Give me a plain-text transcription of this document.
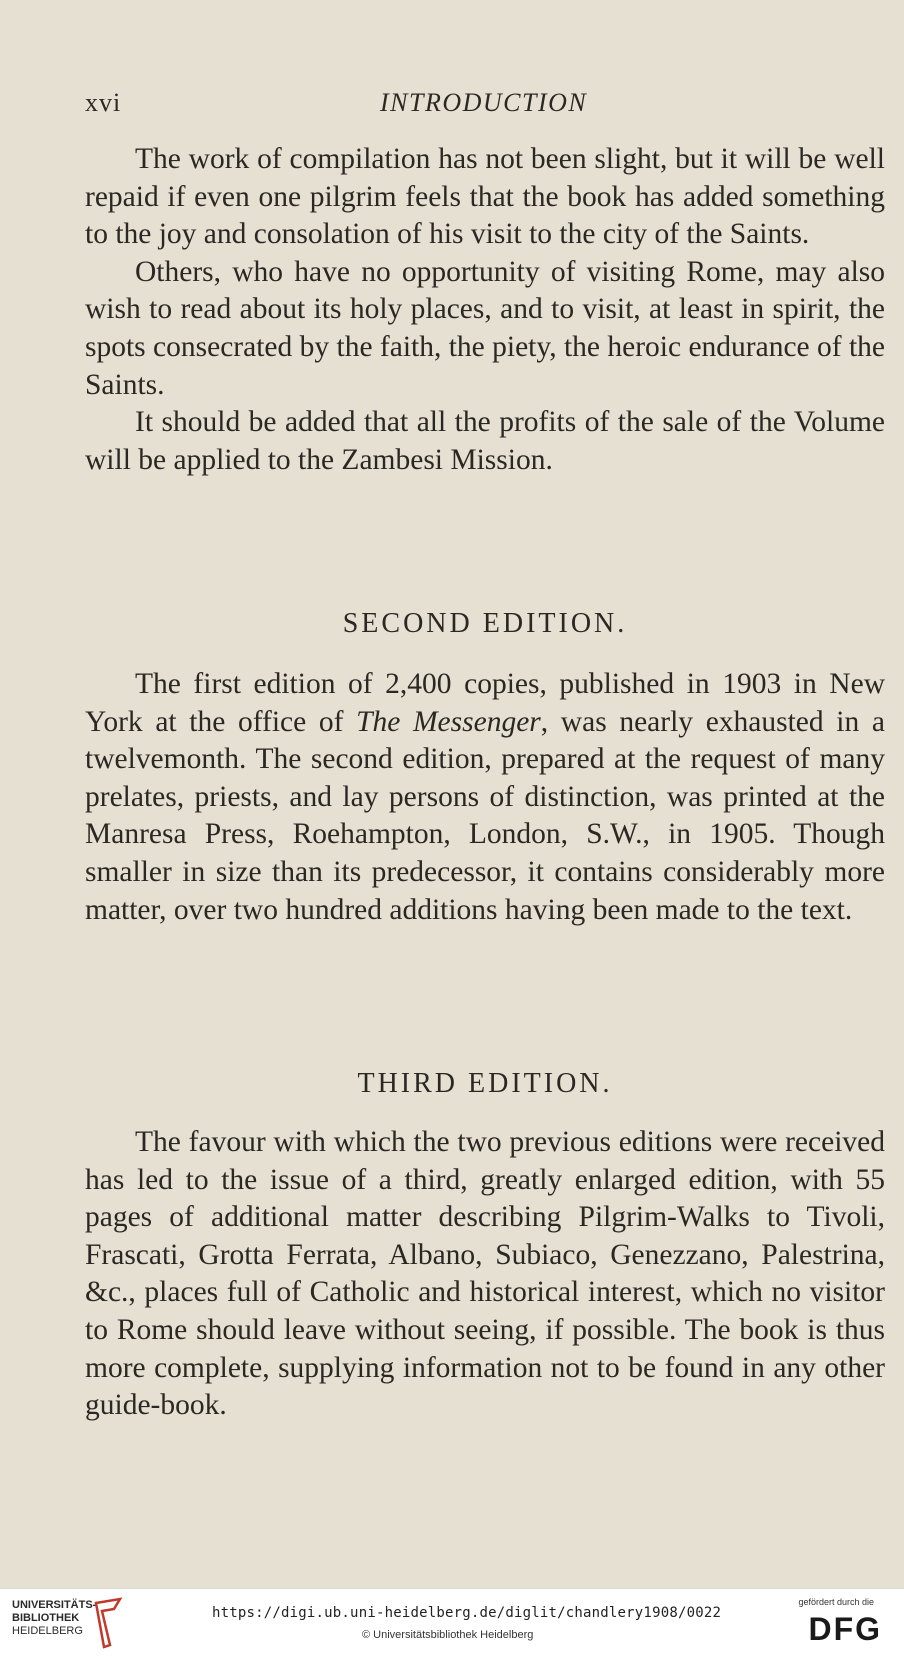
xvi	INTRODUCTION

The work of compilation has not been slight, but it will be well repaid if even one pilgrim feels that the book has added something to the joy and consolation of his visit to the city of the Saints.

Others, who have no opportunity of visiting Rome, may also wish to read about its holy places, and to visit, at least in spirit, the spots consecrated by the faith, the piety, the heroic endurance of the Saints.

It should be added that all the profits of the sale of the Volume will be applied to the Zambesi Mission.

SECOND EDITION.

The first edition of 2,400 copies, published in 1903 in New York at the office of The Messenger, was nearly exhausted in a twelvemonth. The second edition, prepared at the request of many prelates, priests, and lay persons of distinction, was printed at the Manresa Press, Roehampton, London, S.W., in 1905. Though smaller in size than its predecessor, it contains considerably more matter, over two hundred additions having been made to the text.

THIRD EDITION.

The favour with which the two previous editions were received has led to the issue of a third, greatly enlarged edition, with 55 pages of additional matter describing Pilgrim-Walks to Tivoli, Frascati, Grotta Ferrata, Albano, Subiaco, Genezzano, Palestrina, &c., places full of Catholic and historical interest, which no visitor to Rome should leave without seeing, if possible. The book is thus more complete, supplying information not to be found in any other guide-book.

UNIVERSITÄTS-
BIBLIOTHEK
HEIDELBERG
https://digi.ub.uni-heidelberg.de/diglit/chandlery1908/0022
© Universitätsbibliothek Heidelberg
gefördert durch die
DFG
